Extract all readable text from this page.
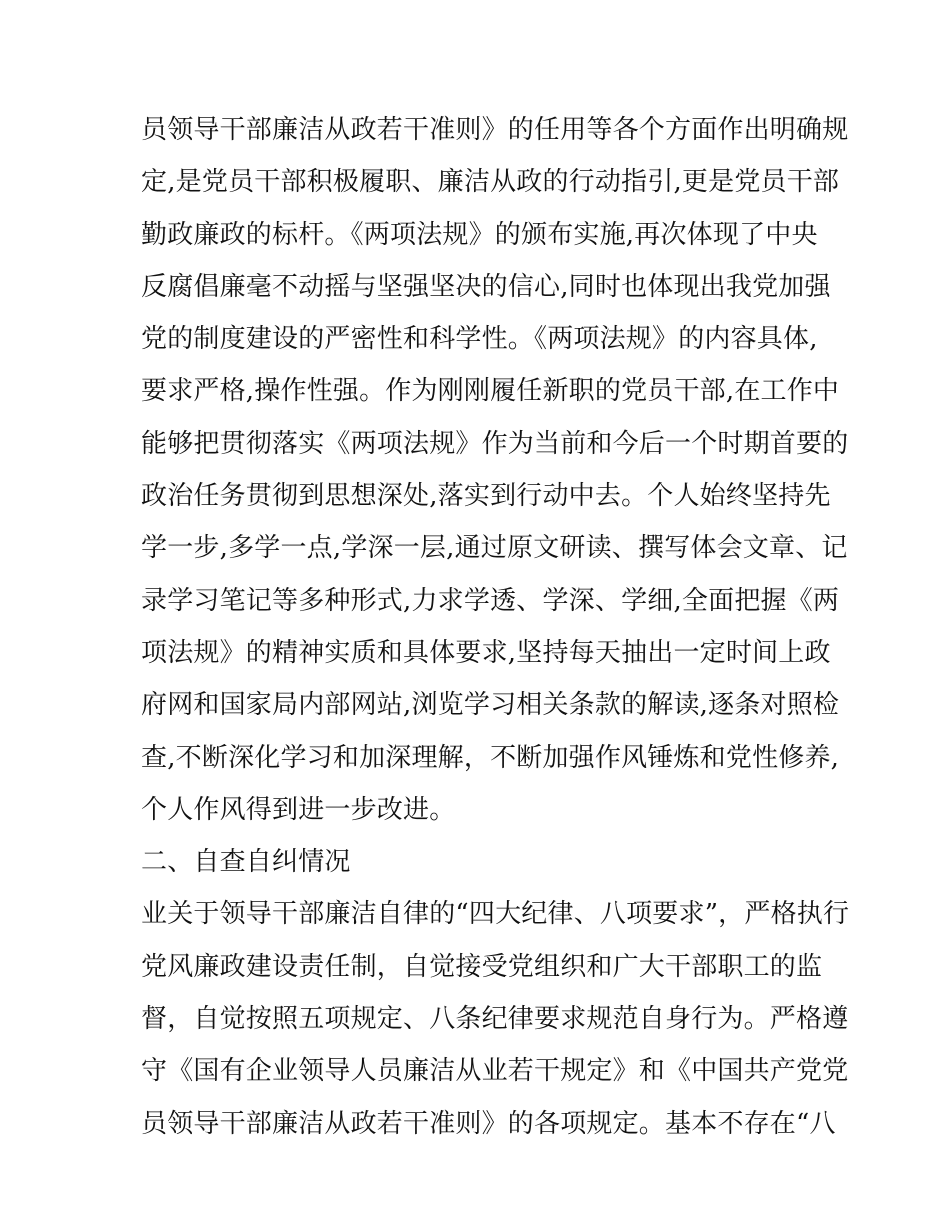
员领导干部廉洁从政若干准则》的任用等各个方面作出明确规
定,是党员干部积极履职、廉洁从政的行动指引,更是党员干部
勤政廉政的标杆。《两项法规》的颁布实施,再次体现了中央
反腐倡廉毫不动摇与坚强坚决的信心,同时也体现出我党加强
党的制度建设的严密性和科学性。《两项法规》的内容具体,
要求严格,操作性强。作为刚刚履任新职的党员干部,在工作中
能够把贯彻落实《两项法规》作为当前和今后一个时期首要的
政治任务贯彻到思想深处,落实到行动中去。个人始终坚持先
学一步,多学一点,学深一层,通过原文研读、撰写体会文章、记
录学习笔记等多种形式,力求学透、学深、学细,全面把握《两
项法规》的精神实质和具体要求,坚持每天抽出一定时间上政
府网和国家局内部网站,浏览学习相关条款的解读,逐条对照检
查,不断深化学习和加深理解，不断加强作风锤炼和党性修养,
个人作风得到进一步改进。
二、自查自纠情况
业关于领导干部廉洁自律的“四大纪律、八项要求”，严格执行
党风廉政建设责任制，自觉接受党组织和广大干部职工的监
督，自觉按照五项规定、八条纪律要求规范自身行为。严格遵
守《国有企业领导人员廉洁从业若干规定》和《中国共产党党
员领导干部廉洁从政若干准则》的各项规定。基本不存在“八
